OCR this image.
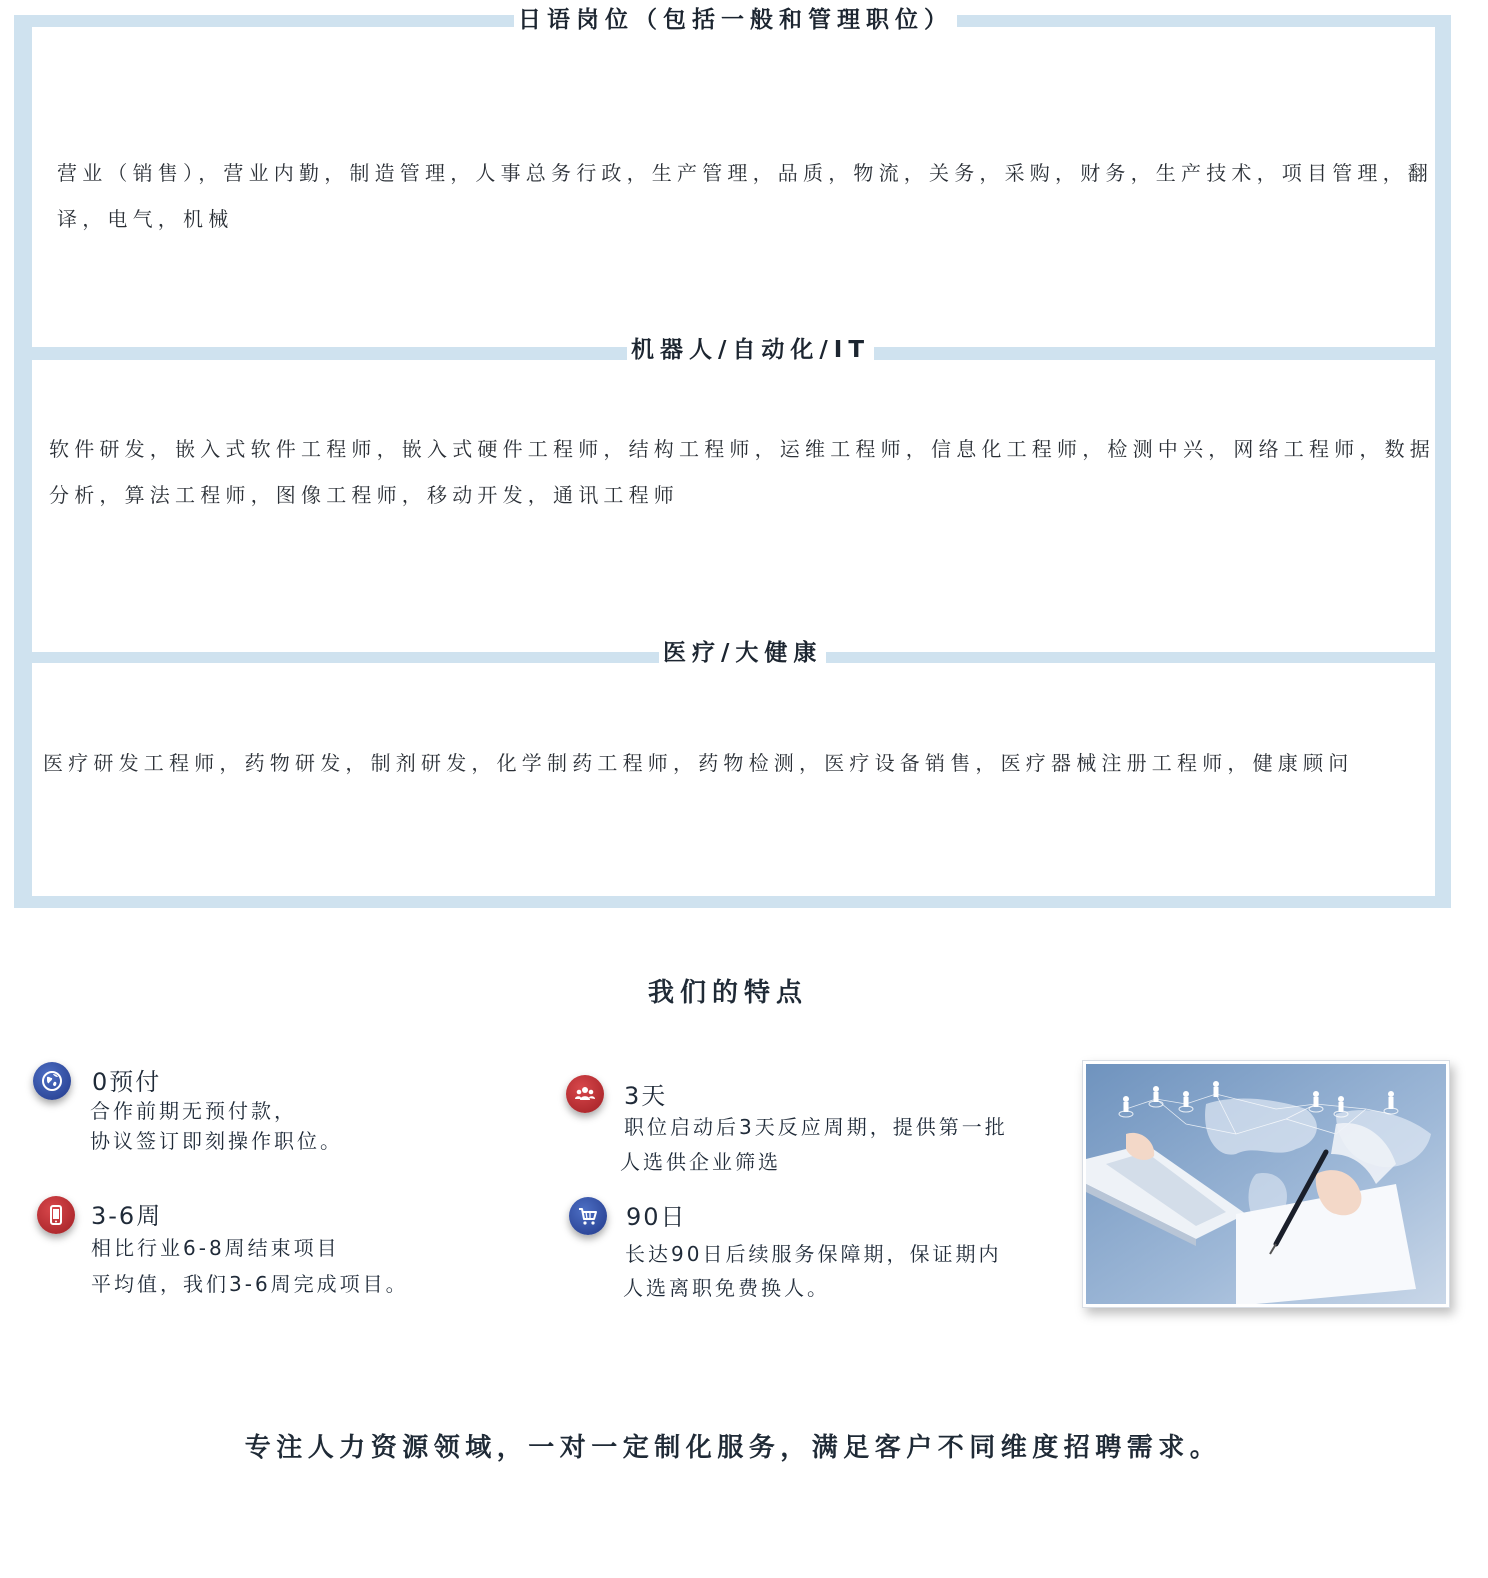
日语岗位（包括一般和管理职位）
营业（销售），营业内勤，制造管理，人事总务行政，生产管理，品质，物流，关务，采购，财务，生产技术，项目管理，翻译，电气，机械
机器人/自动化/IT
软件研发，嵌入式软件工程师，嵌入式硬件工程师，结构工程师，运维工程师，信息化工程师，检测中兴，网络工程师，数据分析，算法工程师，图像工程师，移动开发，通讯工程师
医疗/大健康
医疗研发工程师，药物研发，制剂研发，化学制药工程师，药物检测，医疗设备销售，医疗器械注册工程师，健康顾问
我们的特点
0预付
合作前期无预付款，
协议签订即刻操作职位。
3天
职位启动后3天反应周期，提供第一批
人选供企业筛选
3-6周
相比行业6-8周结束项目
平均值，我们3-6周完成项目。
90日
长达90日后续服务保障期，保证期内
人选离职免费换人。
专注人力资源领域，一对一定制化服务，满足客户不同维度招聘需求。
